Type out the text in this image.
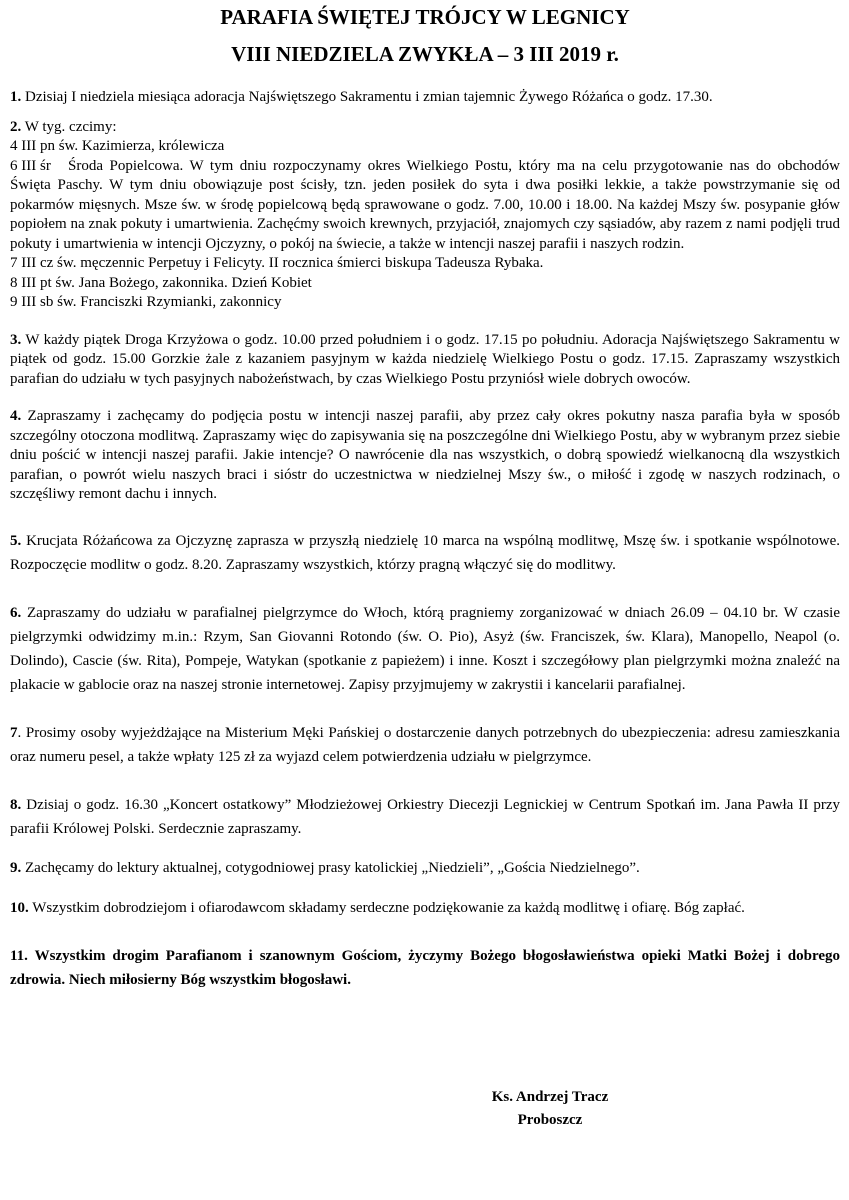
PARAFIA ŚWIĘTEJ TRÓJCY W LEGNICY
VIII NIEDZIELA ZWYKŁA – 3 III 2019 r.

1. Dzisiaj I niedziela miesiąca adoracja Najświętszego Sakramentu i zmian tajemnic Żywego Różańca o godz. 17.30.

2. W tyg. czcimy:

4 III pn św. Kazimierza, królewicza

6 III śr Środa Popielcowa. W tym dniu rozpoczynamy okres Wielkiego Postu, który ma na celu przygotowanie nas do obchodów Święta Paschy. W tym dniu obowiązuje post ścisły, tzn. jeden posiłek do syta i dwa posiłki lekkie, a także powstrzymanie się od pokarmów mięsnych. Msze św. w środę popielcową będą sprawowane o godz. 7.00, 10.00 i 18.00. Na każdej Mszy św. posypanie głów popiołem na znak pokuty i umartwienia. Zachęćmy swoich krewnych, przyjaciół, znajomych czy sąsiadów, aby razem z nami podjęli trud pokuty i umartwienia w intencji Ojczyzny, o pokój na świecie, a także w intencji naszej parafii i naszych rodzin.

7 III cz św. męczennic Perpetuy i Felicyty. II rocznica śmierci biskupa Tadeusza Rybaka.

8 III pt św. Jana Bożego, zakonnika. Dzień Kobiet

9 III sb św. Franciszki Rzymianki, zakonnicy

3. W każdy piątek Droga Krzyżowa o godz. 10.00 przed południem i o godz. 17.15 po południu. Adoracja Najświętszego Sakramentu w piątek od godz. 15.00 Gorzkie żale z kazaniem pasyjnym w każda niedzielę Wielkiego Postu o godz. 17.15. Zapraszamy wszystkich parafian do udziału w tych pasyjnych nabożeństwach, by czas Wielkiego Postu przyniósł wiele dobrych owoców.

4. Zapraszamy i zachęcamy do podjęcia postu w intencji naszej parafii, aby przez cały okres pokutny nasza parafia była w sposób szczególny otoczona modlitwą. Zapraszamy więc do zapisywania się na poszczególne dni Wielkiego Postu, aby w wybranym przez siebie dniu pościć w intencji naszej parafii. Jakie intencje? O nawrócenie dla nas wszystkich, o dobrą spowiedź wielkanocną dla wszystkich parafian, o powrót wielu naszych braci i sióstr do uczestnictwa w niedzielnej Mszy św., o miłość i zgodę w naszych rodzinach, o szczęśliwy remont dachu i innych.

5. Krucjata Różańcowa za Ojczyznę zaprasza w przyszłą niedzielę 10 marca na wspólną modlitwę, Mszę św. i spotkanie wspólnotowe. Rozpoczęcie modlitw o godz. 8.20. Zapraszamy wszystkich, którzy pragną włączyć się do modlitwy.

6. Zapraszamy do udziału w parafialnej pielgrzymce do Włoch, którą pragniemy zorganizować w dniach 26.09 – 04.10 br. W czasie pielgrzymki odwidzimy m.in.: Rzym, San Giovanni Rotondo (św. O. Pio), Asyż (św. Franciszek, św. Klara), Manopello, Neapol (o. Dolindo), Cascie (św. Rita), Pompeje, Watykan (spotkanie z papieżem) i inne. Koszt i szczegółowy plan pielgrzymki można znaleźć na plakacie w gablocie oraz na naszej stronie internetowej. Zapisy przyjmujemy w zakrystii i kancelarii parafialnej.

7. Prosimy osoby wyjeżdżające na Misterium Męki Pańskiej o dostarczenie danych potrzebnych do ubezpieczenia: adresu zamieszkania oraz numeru pesel, a także wpłaty 125 zł za wyjazd celem potwierdzenia udziału w pielgrzymce.

8. Dzisiaj o godz. 16.30 „Koncert ostatkowy” Młodzieżowej Orkiestry Diecezji Legnickiej w Centrum Spotkań im. Jana Pawła II przy parafii Królowej Polski. Serdecznie zapraszamy.

9. Zachęcamy do lektury aktualnej, cotygodniowej prasy katolickiej „Niedzieli”, „Gościa Niedzielnego”.

10. Wszystkim dobrodziejom i ofiarodawcom składamy serdeczne podziękowanie za każdą modlitwę i ofiarę. Bóg zapłać.

11. Wszystkim drogim Parafianom i szanownym Gościom, życzymy Bożego błogosławieństwa opieki Matki Bożej i dobrego zdrowia. Niech miłosierny Bóg wszystkim błogosławi.

Ks. Andrzej Tracz
Proboszcz
